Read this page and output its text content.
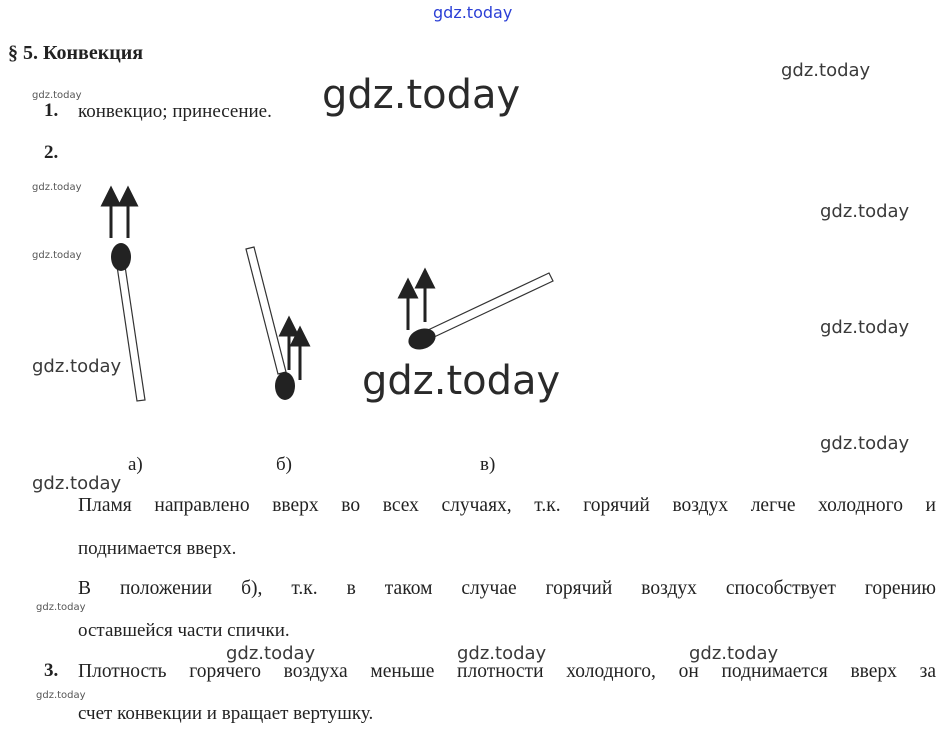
gdz.today
gdz.today
gdz.today	gdz.today
gdz.today
gdz.today
gdz.today
gdz.today
gdz.today	gdz.today
gdz.today
gdz.today
gdz.today
gdz.today	gdz.today	gdz.today
gdz.today
§ 5. Конвекция
1. конвекцио; принесение.
2.
а)	б)	в)
Пламя направлено вверх во всех случаях, т.к. горячий воздух легче холодного и
поднимается вверх.
В положении б), т.к. в таком случае горячий воздух способствует горению
оставшейся части спички.
3. Плотность горячего воздуха меньше плотности холодного, он поднимается вверх за
счет конвекции и вращает вертушку.
